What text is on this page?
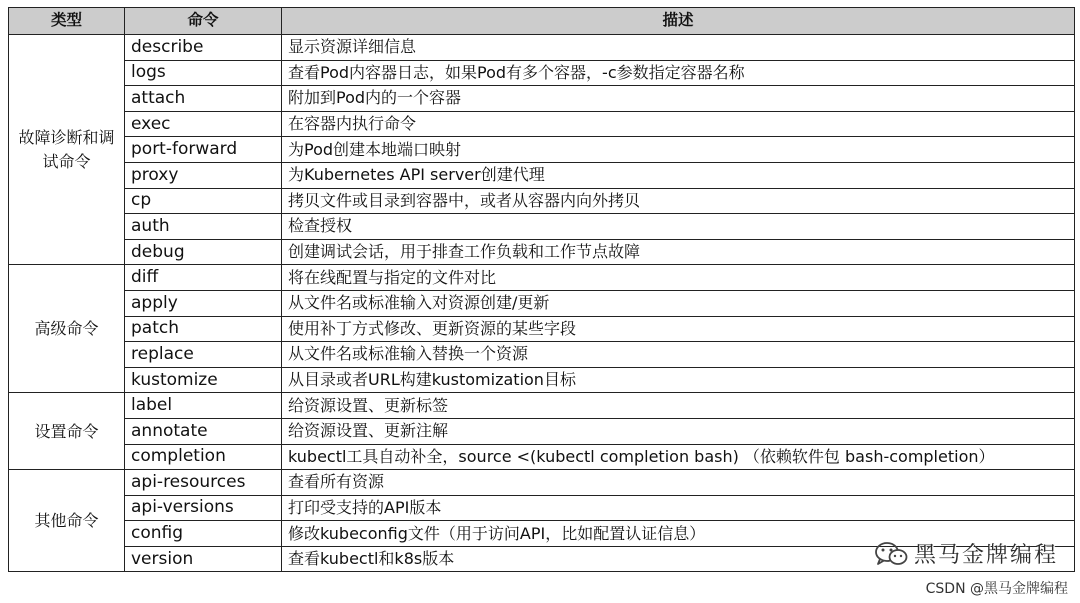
类型	命令	描述
故障诊断和调试命令	describe	显示资源详细信息
	logs	查看Pod内容器日志，如果Pod有多个容器，-c参数指定容器名称
	attach	附加到Pod内的一个容器
	exec	在容器内执行命令
	port-forward	为Pod创建本地端口映射
	proxy	为Kubernetes API server创建代理
	cp	拷贝文件或目录到容器中，或者从容器内向外拷贝
	auth	检查授权
	debug	创建调试会话，用于排查工作负载和工作节点故障
高级命令	diff	将在线配置与指定的文件对比
	apply	从文件名或标准输入对资源创建/更新
	patch	使用补丁方式修改、更新资源的某些字段
	replace	从文件名或标准输入替换一个资源
	kustomize	从目录或者URL构建kustomization目标
设置命令	label	给资源设置、更新标签
	annotate	给资源设置、更新注解
	completion	kubectl工具自动补全，source <(kubectl completion bash) （依赖软件包 bash-completion）
其他命令	api-resources	查看所有资源
	api-versions	打印受支持的API版本
	config	修改kubeconfig文件（用于访问API，比如配置认证信息）
	version	查看kubectl和k8s版本	黑马金牌编程
CSDN @黑马金牌编程
